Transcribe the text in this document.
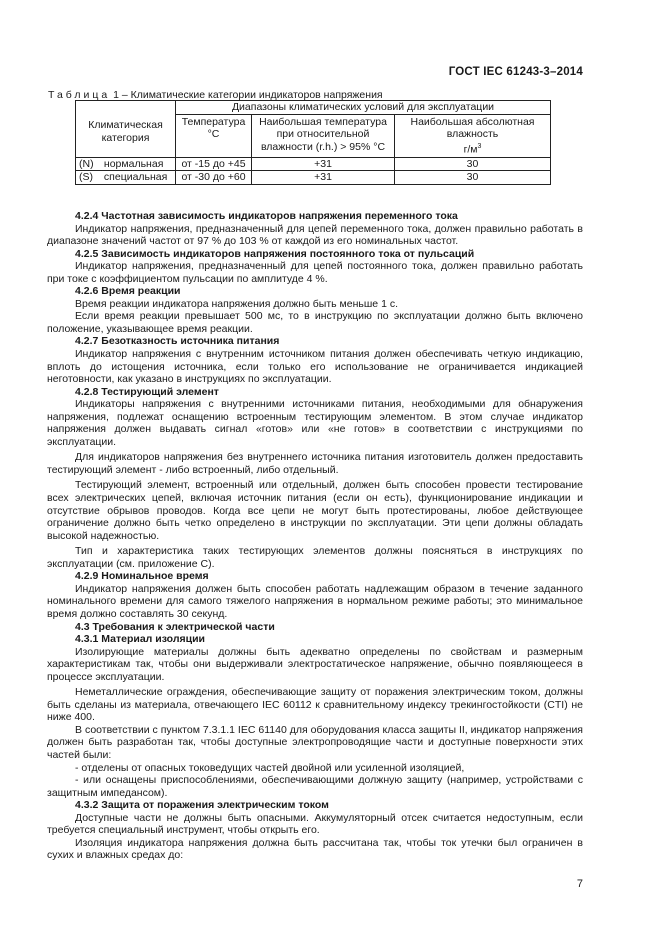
ГОСТ IEC 61243-3–2014
Таблица 1 – Климатические категории индикаторов напряжения
Климатическая категория	Диапазоны климатических условий для эксплуатации		
	Температура °С	Наибольшая температура при относительной влажности (r.h.) > 95% °С	Наибольшая абсолютная влажность
$г/м^3$
(N) нормальная	от -15 до +45	+31	30
(S) специальная	от -30 до +60	+31	30

4.2.4 Частотная зависимость индикаторов напряжения переменного тока

Индикатор напряжения, предназначенный для цепей переменного тока, должен правильно работать в диапазоне значений частот от 97 % до 103 % от каждой из его номинальных частот.

4.2.5 Зависимость индикаторов напряжения постоянного тока от пульсаций

Индикатор напряжения, предназначенный для цепей постоянного тока, должен правильно работать при токе с коэффициентом пульсации по амплитуде 4 %.

4.2.6 Время реакции

Время реакции индикатора напряжения должно быть меньше 1 с.

Если время реакции превышает 500 мс, то в инструкцию по эксплуатации должно быть включено положение, указывающее время реакции.

4.2.7 Безотказность источника питания

Индикатор напряжения с внутренним источником питания должен обеспечивать четкую индикацию, вплоть до истощения источника, если только его использование не ограничивается индикацией неготовности, как указано в инструкциях по эксплуатации.

4.2.8 Тестирующий элемент

Индикаторы напряжения с внутренними источниками питания, необходимыми для обнаружения напряжения, подлежат оснащению встроенным тестирующим элементом. В этом случае индикатор напряжения должен выдавать сигнал «готов» или «не готов» в соответствии с инструкциями по эксплуатации.

Для индикаторов напряжения без внутреннего источника питания изготовитель должен предоставить тестирующий элемент - либо встроенный, либо отдельный.

Тестирующий элемент, встроенный или отдельный, должен быть способен провести тестирование всех электрических цепей, включая источник питания (если он есть), функционирование индикации и отсутствие обрывов проводов. Когда все цепи не могут быть протестированы, любое действующее ограничение должно быть четко определено в инструкции по эксплуатации. Эти цепи должны обладать высокой надежностью.

Тип и характеристика таких тестирующих элементов должны поясняться в инструкциях по эксплуатации (см. приложение С).

4.2.9 Номинальное время

Индикатор напряжения должен быть способен работать надлежащим образом в течение заданного номинального времени для самого тяжелого напряжения в нормальном режиме работы; это минимальное время должно составлять 30 секунд.

4.3 Требования к электрической части

4.3.1 Материал изоляции

Изолирующие материалы должны быть адекватно определены по свойствам и размерным характеристикам так, чтобы они выдерживали электростатическое напряжение, обычно появляющееся в процессе эксплуатации.

Неметаллические ограждения, обеспечивающие защиту от поражения электрическим током, должны быть сделаны из материала, отвечающего IEC 60112 к сравнительному индексу трекингостойкости (CTI) не ниже 400.

В соответствии с пунктом 7.3.1.1 IEC 61140 для оборудования класса защиты II, индикатор напряжения должен быть разработан так, чтобы доступные электропроводящие части и доступные поверхности этих частей были:

- отделены от опасных токоведущих частей двойной или усиленной изоляцией,

- или оснащены приспособлениями, обеспечивающими должную защиту (например, устройствами с защитным импедансом).

4.3.2 Защита от поражения электрическим током

Доступные части не должны быть опасными. Аккумуляторный отсек считается недоступным, если требуется специальный инструмент, чтобы открыть его.

Изоляция индикатора напряжения должна быть рассчитана так, чтобы ток утечки был ограничен в сухих и влажных средах до:

7
